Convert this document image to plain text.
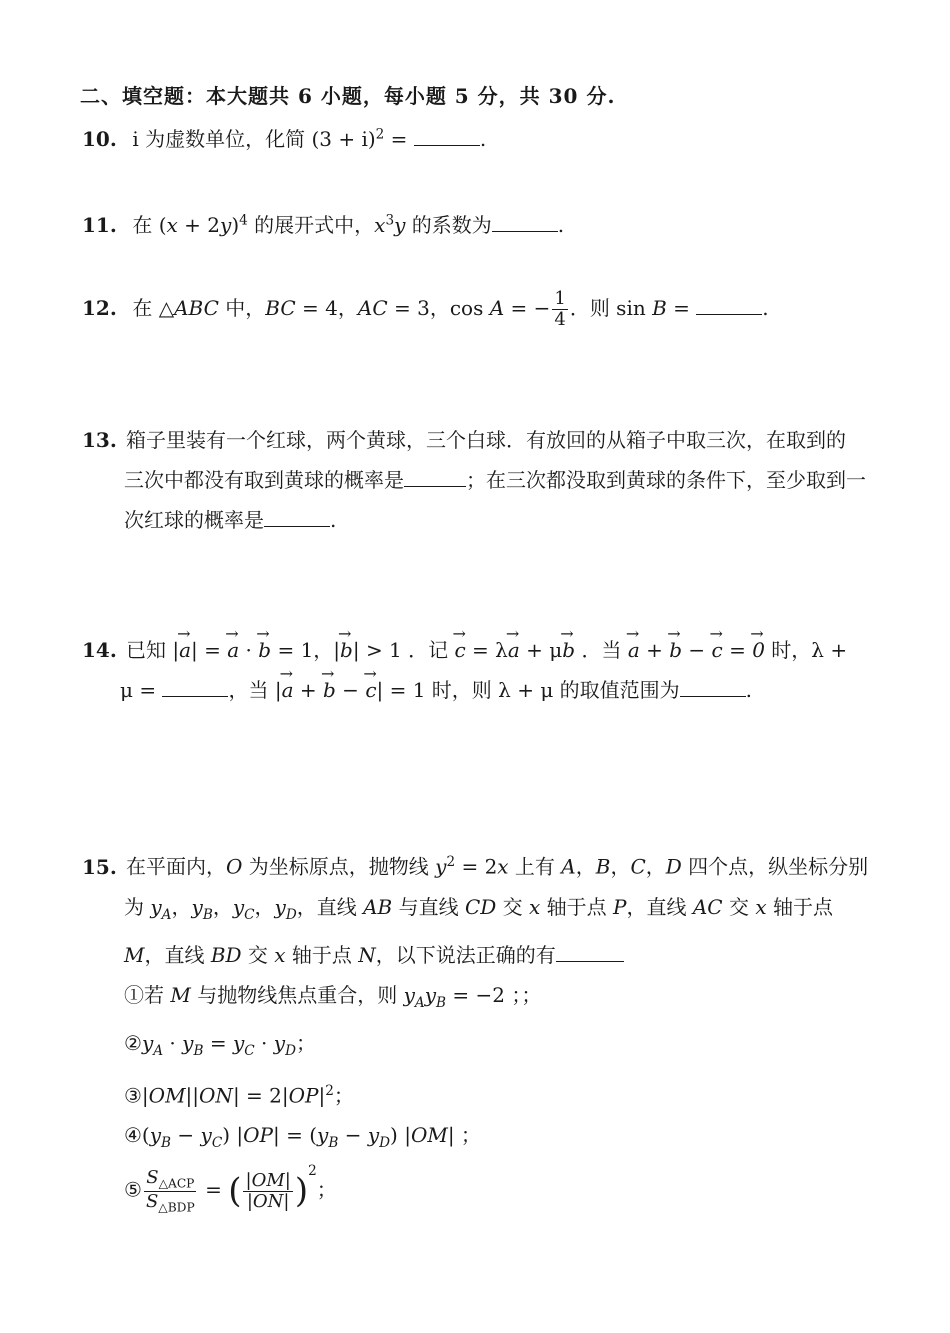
二、填空题：本大题共 6 小题，每小题 5 分，共 30 分.
10. i 为虚数单位，化简 $(3 + i)^2$ =	.
11. 在 $(x + 2y)^4$ 的展开式中，$x^3y$ 的系数为	.
12. 在 △ABC 中，BC = 4，AC = 3，cos A = − $\frac{1}{4}$ ．则 sin B =	.
13. 箱子里装有一个红球，两个黄球，三个白球．有放回的从箱子中取三次，在取到的
三次中都没有取到黄球的概率是	；在三次都没取到黄球的条件下，至少取到一
次红球的概率是	.
14. 已知 |→ a| = → a · → b = 1，|→ b| > 1 ．记 → c = λ→ a + μ→ b ．当 → a + → b − → c = → 0 时，λ +
μ =	，当 |→ a + → b − → c| = 1 时，则 λ + μ 的取值范围为	.
15. 在平面内，O 为坐标原点，抛物线 $y^2 = 2x$ 上有 A，B，C，D 四个点，纵坐标分别
为 $y_A$，$y_B$，$y_C$，$y_D$，直线 AB 与直线 CD 交 x 轴于点 P，直线 AC 交 x 轴于点
M，直线 BD 交 x 轴于点 N，以下说法正确的有
①若 M 与抛物线焦点重合，则 $y_Ay_B = -2$ ；；
$②y_A \cdot y_B = y_C \cdot y_D$；
③|OM||ON| = $2|OP|^2$；
$④(y_B - y_C) |OP| = (y_B - y_D)$ |OM| ；
⑤ $\frac{S_{\triangle ACP}}{S_{\triangle BDP}}$ = ( $\frac{|OM|}{|ON|} )^2$；
